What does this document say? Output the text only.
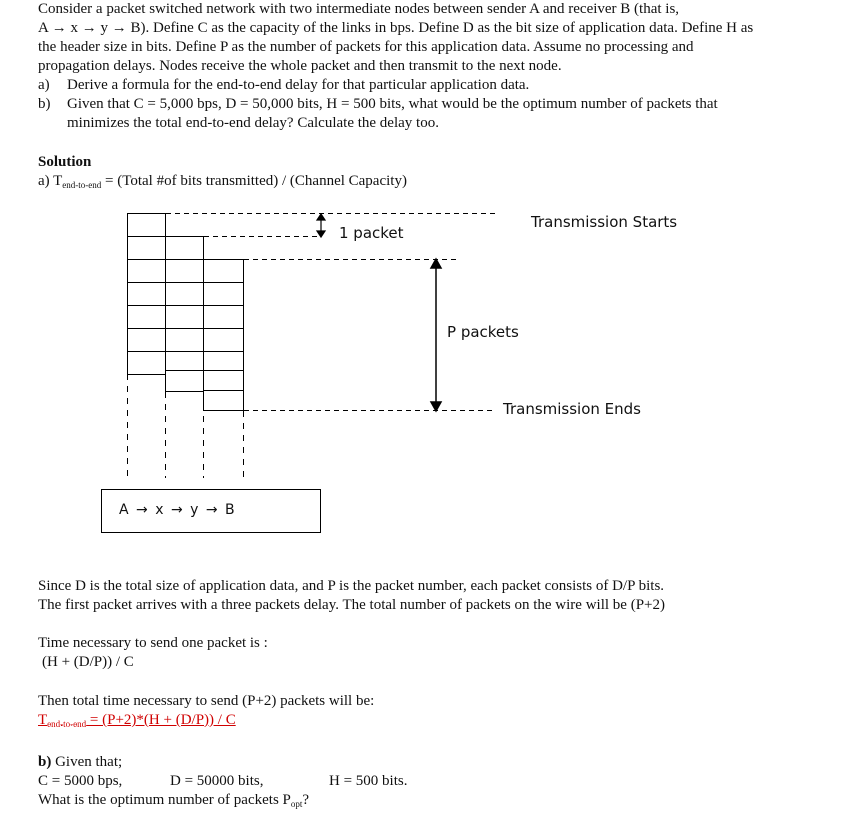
Consider a packet switched network with two intermediate nodes between sender A and receiver B (that is,
A → x → y → B). Define C as the capacity of the links in bps. Define D as the bit size of application data. Define H as
the header size in bits. Define P as the number of packets for this application data. Assume no processing and
propagation delays. Nodes receive the whole packet and then transmit to the next node.
a) Derive a formula for the end-to-end delay for that particular application data.
b) Given that C = 5,000 bps, D = 50,000 bits, H = 500 bits, what would be the optimum number of packets that
minimizes the total end-to-end delay? Calculate the delay too.
Solution
a) $T_{end-to-end}$ = (Total #of bits transmitted) / (Channel Capacity)
1 packet
Transmission Starts
P packets
Transmission Ends
A → x → y → B
Since D is the total size of application data, and P is the packet number, each packet consists of D/P bits.
The first packet arrives with a three packets delay. The total number of packets on the wire will be (P+2)
Time necessary to send one packet is :
(H + (D/P)) / C
Then total time necessary to send (P+2) packets will be:
$T_{end-to-end} = (P+2)*(H + (D/P)) / C$
b) Given that;
C = 5000 bps,	D = 50000 bits,	H = 500 bits.
What is the optimum number of packets $P_{opt}$?
